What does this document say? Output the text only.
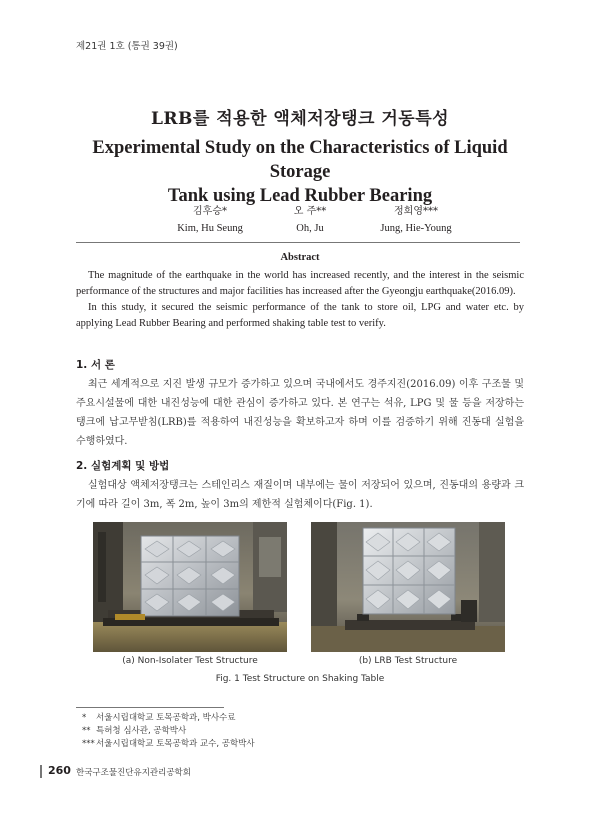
제21권 1호 (통권 39권)
LRB를 적용한 액체저장탱크 거동특성
Experimental Study on the Characteristics of Liquid Storage
Tank using Lead Rubber Bearing
김후승*
Kim, Hu Seung
오 주**
Oh, Ju
정희영***
Jung, Hie-Young
Abstract

The magnitude of the earthquake in the world has increased recently, and the interest in the seismic performance of the structures and major facilities has increased after the Gyeongju earthquake(2016.09).

In this study, it secured the seismic performance of the tank to store oil, LPG and water etc. by applying Lead Rubber Bearing and performed shaking table test to verify.

1. 서 론

최근 세계적으로 지진 발생 규모가 증가하고 있으며 국내에서도 경주지진(2016.09) 이후 구조물 및 주요시설물에 대한 내진성능에 대한 관심이 증가하고 있다. 본 연구는 석유, LPG 및 물 등을 저장하는 탱크에 납고무받침(LRB)를 적용하여 내진성능을 확보하고자 하며 이를 검증하기 위해 진동대 실험을 수행하였다.

2. 실험계획 및 방법

실험대상 액체저장탱크는 스테인리스 재질이며 내부에는 물이 저장되어 있으며, 진동대의 용량과 크기에 따라 길이 3m, 폭 2m, 높이 3m의 제한적 실험체이다(Fig. 1).

(a) Non-Isolater Test Structure	(b) LRB Test Structure
Fig. 1 Test Structure on Shaking Table
* 서울시립대학교 토목공학과, 박사수료
** 특허청 심사관, 공학박사
***서울시립대학교 토목공학과 교수, 공학박사
260 한국구조물진단유지관리공학회
